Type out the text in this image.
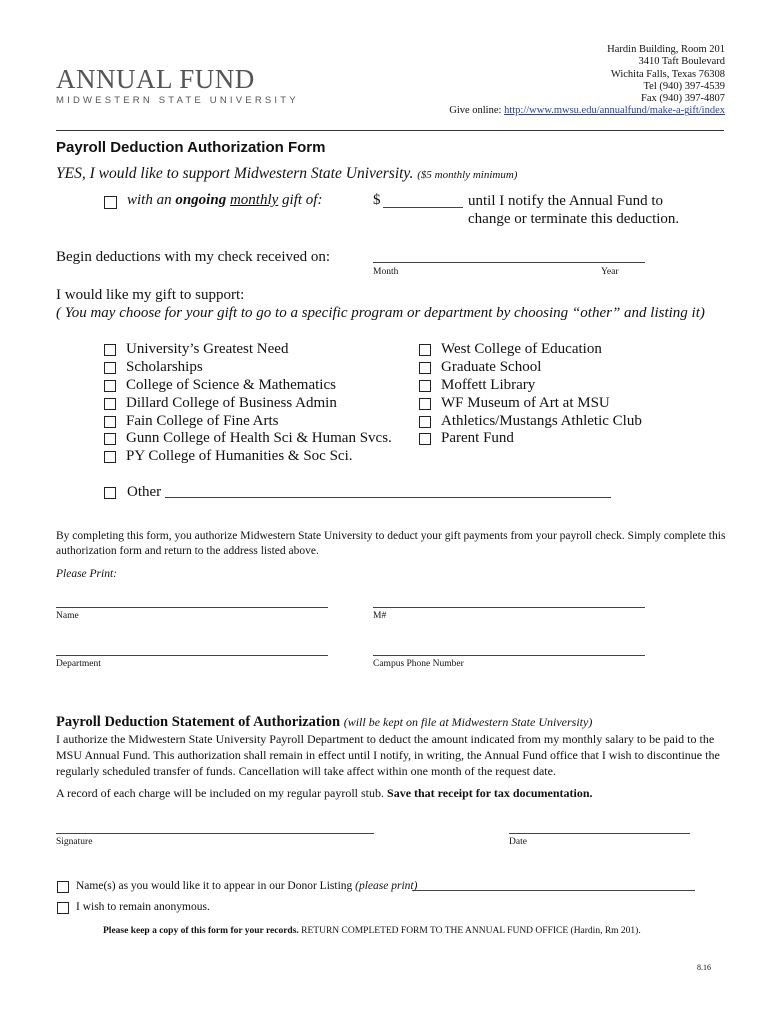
ANNUAL FUND
MIDWESTERN STATE UNIVERSITY
Hardin Building, Room 201
3410 Taft Boulevard
Wichita Falls, Texas 76308
Tel (940) 397-4539
Fax (940) 397-4807
Give online: http://www.mwsu.edu/annualfund/make-a-gift/index
Payroll Deduction Authorization Form
YES, I would like to support Midwestern State University. ($5 monthly minimum)
with an ongoing monthly gift of:	$	until I notify the Annual Fund to
change or terminate this deduction.
Begin deductions with my check received on:
Month	Year
I would like my gift to support:
( You may choose for your gift to go to a specific program or department by choosing “other” and listing it)
University’s Greatest Need
Scholarships
College of Science & Mathematics
Dillard College of Business Admin
Fain College of Fine Arts
Gunn College of Health Sci & Human Svcs.
PY College of Humanities & Soc Sci.
West College of Education
Graduate School
Moffett Library
WF Museum of Art at MSU
Athletics/Mustangs Athletic Club
Parent Fund
Other
By completing this form, you authorize Midwestern State University to deduct your gift payments from your payroll check. Simply complete this authorization form and return to the address listed above.
Please Print:
Name	M#
Department	Campus Phone Number
Payroll Deduction Statement of Authorization (will be kept on file at Midwestern State University)
I authorize the Midwestern State University Payroll Department to deduct the amount indicated from my monthly salary to be paid to the MSU Annual Fund. This authorization shall remain in effect until I notify, in writing, the Annual Fund office that I wish to discontinue the regularly scheduled transfer of funds. Cancellation will take affect within one month of the request date.
A record of each charge will be included on my regular payroll stub. Save that receipt for tax documentation.
Signature	Date
Name(s) as you would like it to appear in our Donor Listing (please print)
I wish to remain anonymous.
Please keep a copy of this form for your records. RETURN COMPLETED FORM TO THE ANNUAL FUND OFFICE (Hardin, Rm 201).
8.16
